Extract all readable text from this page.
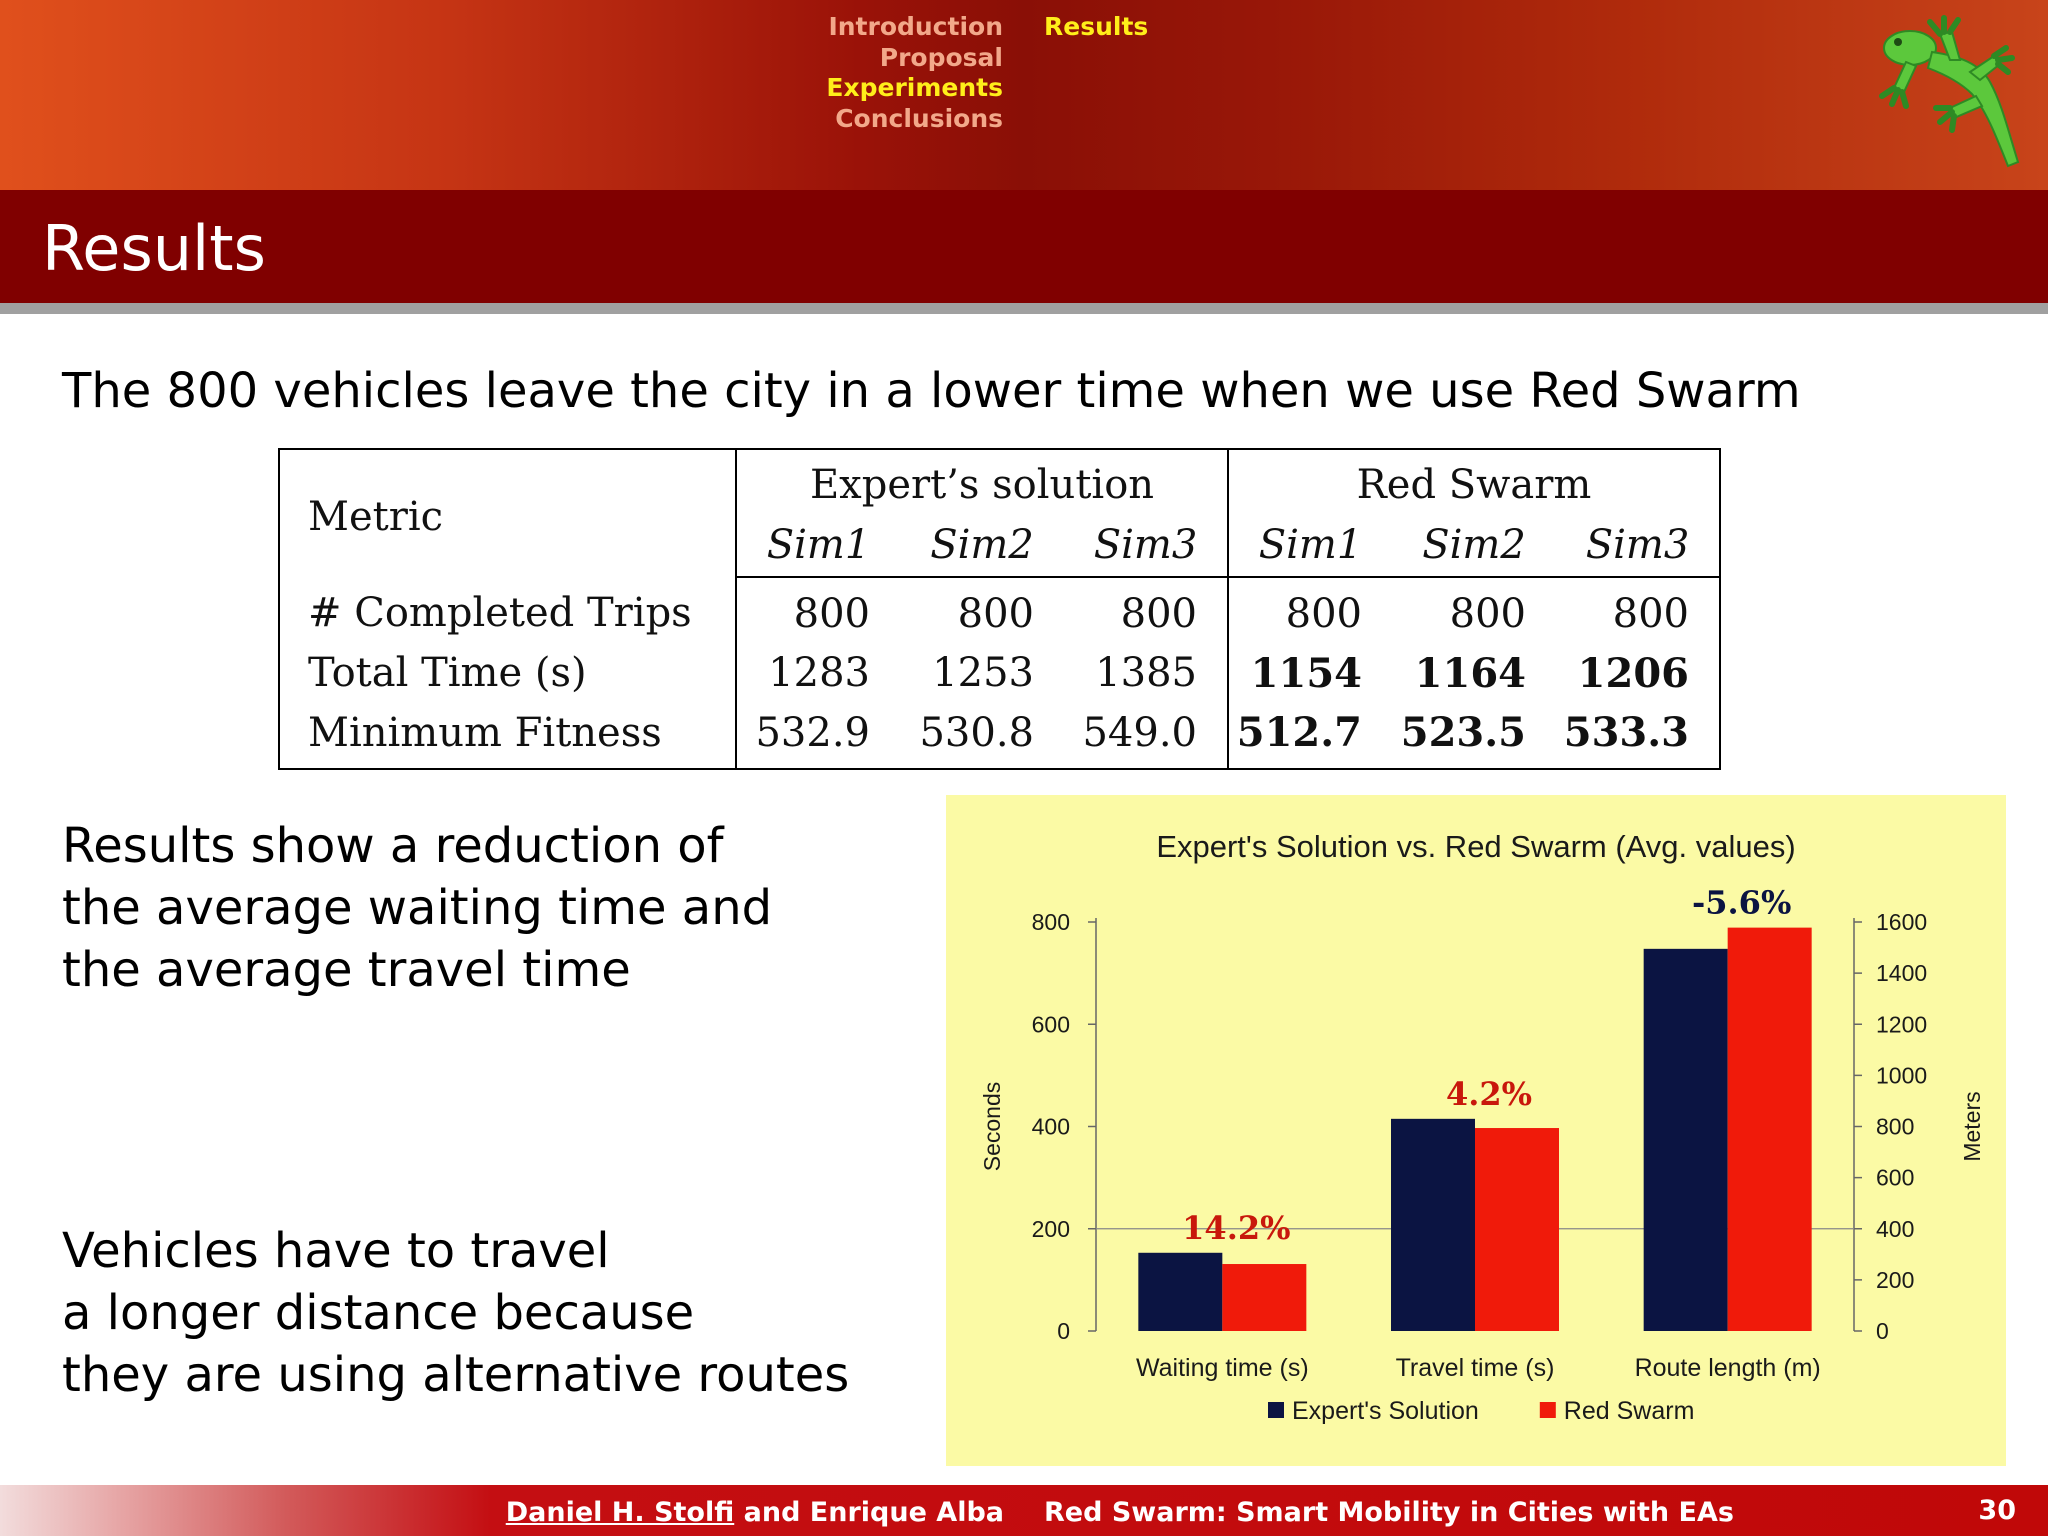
Introduction
Proposal
Experiments
Conclusions
Results
Results
The 800 vehicles leave the city in a lower time when we use Red Swarm
Metric	Expert’s solution			Red Swarm		
	Sim1	Sim2	Sim3	Sim1	Sim2	Sim3
# Completed Trips	800	800	800	800	800	800
Total Time (s)	1283	1253	1385	1154	1164	1206
Minimum Fitness	532.9	530.8	549.0	512.7	523.5	533.3
Results show a reduction of
the average waiting time and
the average travel time
Vehicles have to travel
a longer distance because
they are using alternative routes
Expert's Solution vs. Red Swarm (Avg. values)
0
200
400
600
800
0
200
400
600
800
1000
1200
1400
1600
Seconds	Meters
Waiting time (s)
14.2%
Travel time (s)
4.2%
Route length (m)
-5.6%
Expert's Solution	Red Swarm
Daniel H. Stolfi and Enrique Alba Red Swarm: Smart Mobility in Cities with EAs	30
